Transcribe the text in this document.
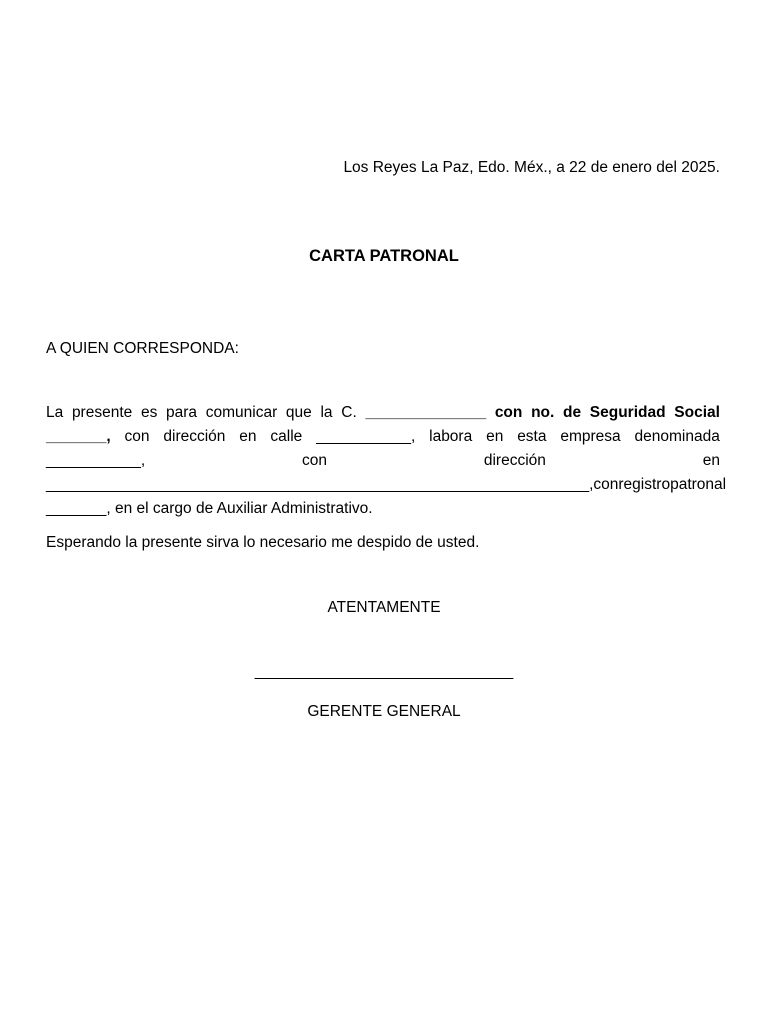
Los Reyes La Paz, Edo. Méx., a 22 de enero del 2025.
CARTA PATRONAL
A QUIEN CORRESPONDA:
La presente es para comunicar que la C. ______________ con no. de Seguridad Social
_______, con dirección en calle ___________, labora en esta empresa denominada
___________,	con	dirección	en
_______________________________________________________________, con registro patronal
_______, en el cargo de Auxiliar Administrativo.
Esperando la presente sirva lo necesario me despido de usted.
ATENTAMENTE
______________________________
GERENTE GENERAL
